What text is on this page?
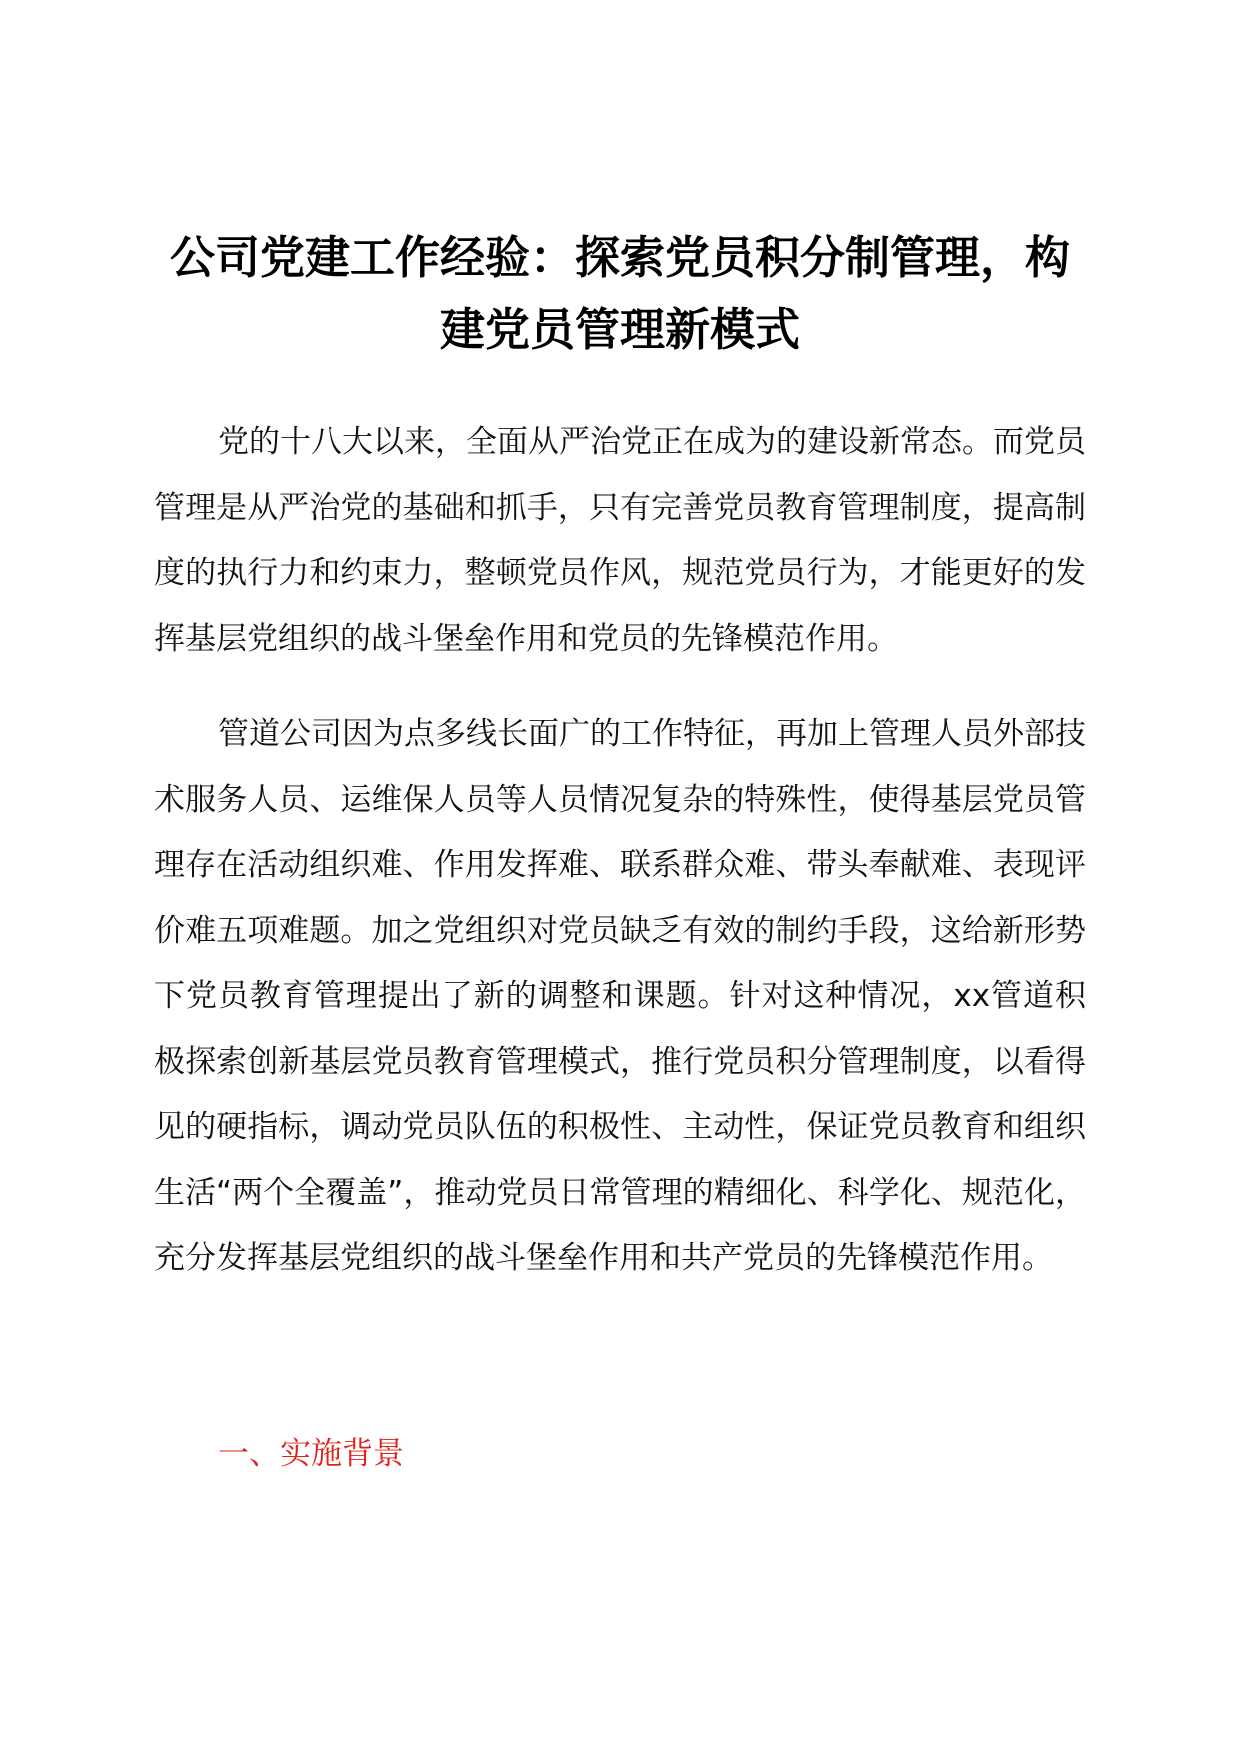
公司党建工作经验：探索党员积分制管理，构
建党员管理新模式

党的十八大以来，全面从严治党正在成为的建设新常态。而党员管理是从严治党的基础和抓手，只有完善党员教育管理制度，提高制度的执行力和约束力，整顿党员作风，规范党员行为，才能更好的发挥基层党组织的战斗堡垒作用和党员的先锋模范作用。

管道公司因为点多线长面广的工作特征，再加上管理人员外部技术服务人员、运维保人员等人员情况复杂的特殊性，使得基层党员管理存在活动组织难、作用发挥难、联系群众难、带头奉献难、表现评价难五项难题。加之党组织对党员缺乏有效的制约手段，这给新形势下党员教育管理提出了新的调整和课题。针对这种情况，xx管道积极探索创新基层党员教育管理模式，推行党员积分管理制度，以看得见的硬指标，调动党员队伍的积极性、主动性，保证党员教育和组织生活“两个全覆盖”，推动党员日常管理的精细化、科学化、规范化，充分发挥基层党组织的战斗堡垒作用和共产党员的先锋模范作用。

一、实施背景
